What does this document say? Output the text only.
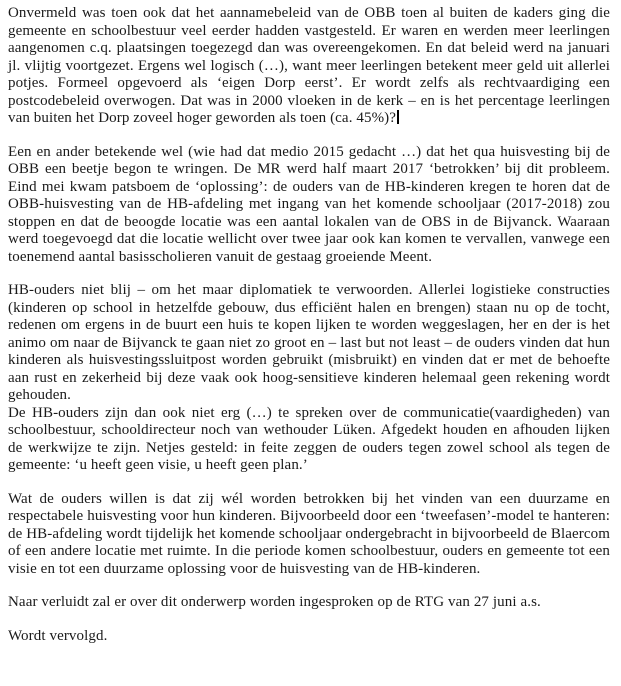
Onvermeld was toen ook dat het aannamebeleid van de OBB toen al buiten de kaders ging die gemeente en schoolbestuur veel eerder hadden vastgesteld. Er waren en werden meer leerlingen aangenomen c.q. plaatsingen toegezegd dan was overeengekomen. En dat beleid werd na januari jl. vlijtig voortgezet. Ergens wel logisch (…), want meer leerlingen betekent meer geld uit allerlei potjes. Formeel opgevoerd als ‘eigen Dorp eerst’. Er wordt zelfs als rechtvaardiging een postcodebeleid overwogen. Dat was in 2000 vloeken in de kerk – en is het percentage leerlingen van buiten het Dorp zoveel hoger geworden als toen (ca. 45%)?

Een en ander betekende wel (wie had dat medio 2015 gedacht …) dat het qua huisvesting bij de OBB een beetje begon te wringen. De MR werd half maart 2017 ‘betrokken’ bij dit probleem. Eind mei kwam patsboem de ‘oplossing’: de ouders van de HB-kinderen kregen te horen dat de OBB-huisvesting van de HB-afdeling met ingang van het komende schooljaar (2017-2018) zou stoppen en dat de beoogde locatie was een aantal lokalen van de OBS in de Bijvanck. Waaraan werd toegevoegd dat die locatie wellicht over twee jaar ook kan komen te vervallen, vanwege een toenemend aantal basisscholieren vanuit de gestaag groeiende Meent.

HB-ouders niet blij – om het maar diplomatiek te verwoorden. Allerlei logistieke constructies (kinderen op school in hetzelfde gebouw, dus efficiënt halen en brengen) staan nu op de tocht, redenen om ergens in de buurt een huis te kopen lijken te worden weggeslagen, her en der is het animo om naar de Bijvanck te gaan niet zo groot en – last but not least – de ouders vinden dat hun kinderen als huisvestingssluitpost worden gebruikt (misbruikt) en vinden dat er met de behoefte aan rust en zekerheid bij deze vaak ook hoog-sensitieve kinderen helemaal geen rekening wordt gehouden.

De HB-ouders zijn dan ook niet erg (…) te spreken over de communicatie(vaardigheden) van schoolbestuur, schooldirecteur noch van wethouder Lüken. Afgedekt houden en afhouden lijken de werkwijze te zijn. Netjes gesteld: in feite zeggen de ouders tegen zowel school als tegen de gemeente: ‘u heeft geen visie, u heeft geen plan.’

Wat de ouders willen is dat zij wél worden betrokken bij het vinden van een duurzame en respectabele huisvesting voor hun kinderen. Bijvoorbeeld door een ‘tweefasen’-model te hanteren: de HB-afdeling wordt tijdelijk het komende schooljaar ondergebracht in bijvoorbeeld de Blaercom of een andere locatie met ruimte. In die periode komen schoolbestuur, ouders en gemeente tot een visie en tot een duurzame oplossing voor de huisvesting van de HB-kinderen.

Naar verluidt zal er over dit onderwerp worden ingesproken op de RTG van 27 juni a.s.

Wordt vervolgd.
